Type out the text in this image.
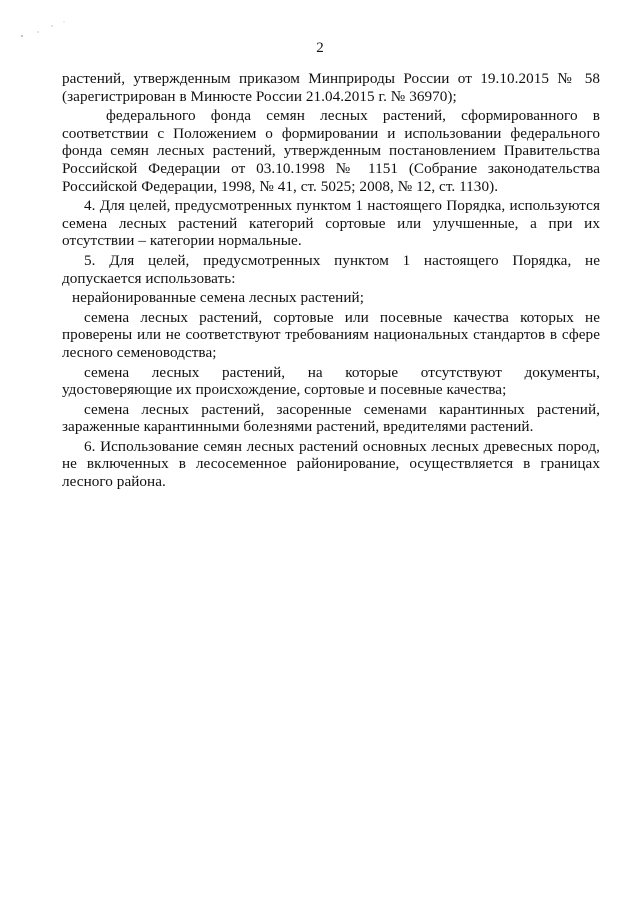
2

растений, утвержденным приказом Минприроды России от 19.10.2015 № 58 (зарегистрирован в Минюсте России 21.04.2015 г. № 36970);

федерального фонда семян лесных растений, сформированного в соответствии с Положением о формировании и использовании федерального фонда семян лесных растений, утвержденным постановлением Правительства Российской Федерации от 03.10.1998 № 1151 (Собрание законодательства Российской Федерации, 1998, № 41, ст. 5025; 2008, № 12, ст. 1130).

4. Для целей, предусмотренных пунктом 1 настоящего Порядка, используются семена лесных растений категорий сортовые или улучшенные, а при их отсутствии – категории нормальные.

5. Для целей, предусмотренных пунктом 1 настоящего Порядка, не допускается использовать:

нерайонированные семена лесных растений;

семена лесных растений, сортовые или посевные качества которых не проверены или не соответствуют требованиям национальных стандартов в сфере лесного семеноводства;

семена лесных растений, на которые отсутствуют документы, удостоверяющие их происхождение, сортовые и посевные качества;

семена лесных растений, засоренные семенами карантинных растений, зараженные карантинными болезнями растений, вредителями растений.

6. Использование семян лесных растений основных лесных древесных пород, не включенных в лесосеменное районирование, осуществляется в границах лесного района.
